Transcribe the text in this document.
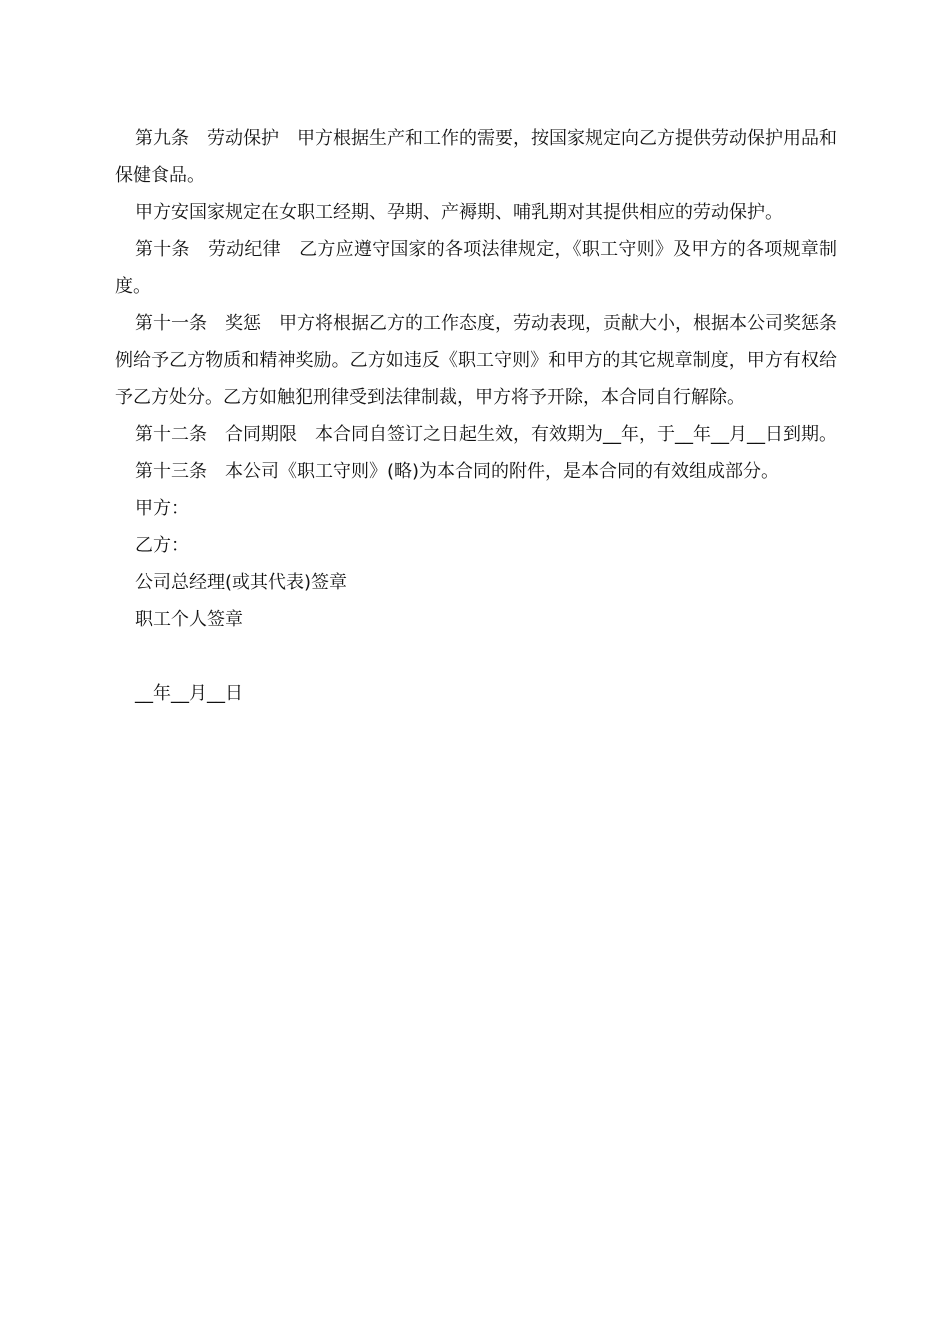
第九条　劳动保护　甲方根据生产和工作的需要，按国家规定向乙方提供劳动保护用品和保健食品。

甲方安国家规定在女职工经期、孕期、产褥期、哺乳期对其提供相应的劳动保护。

第十条　劳动纪律　乙方应遵守国家的各项法律规定，《职工守则》及甲方的各项规章制度。

第十一条　奖惩　甲方将根据乙方的工作态度，劳动表现，贡献大小，根据本公司奖惩条例给予乙方物质和精神奖励。乙方如违反《职工守则》和甲方的其它规章制度，甲方有权给予乙方处分。乙方如触犯刑律受到法律制裁，甲方将予开除，本合同自行解除。

第十二条　合同期限　本合同自签订之日起生效，有效期为__年，于__年__月__日到期。

第十三条　本公司《职工守则》(略)为本合同的附件，是本合同的有效组成部分。

甲方：

乙方：

公司总经理(或其代表)签章

职工个人签章

__年__月__日
